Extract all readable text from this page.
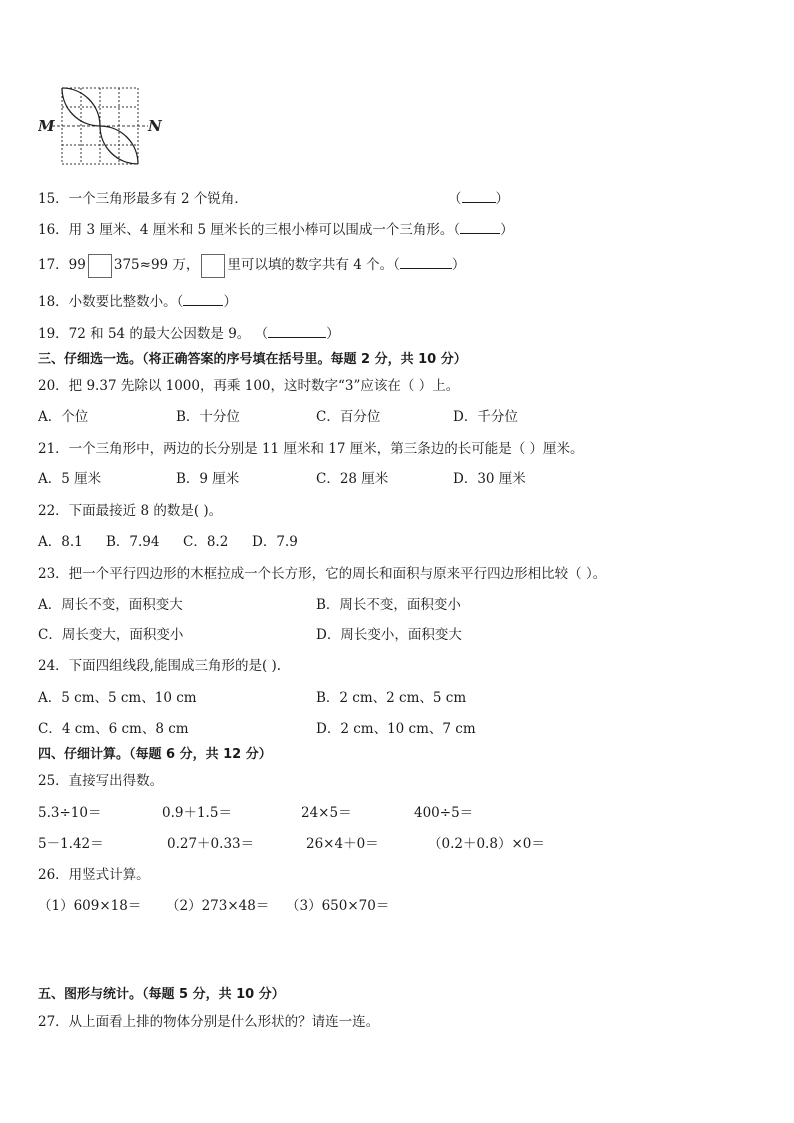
M	N
15．一个三角形最多有 2 个锐角．	（	）
16．用 3 厘米、4 厘米和 5 厘米长的三根小棒可以围成一个三角形。（	）
17．99 375≈99 万， 里可以填的数字共有 4 个。（	）
18．小数要比整数小。（	）
19．72 和 54 的最大公因数是 9。 （	）
三、仔细选一选。（将正确答案的序号填在括号里。每题 2 分，共 10 分）
20．把 9.37 先除以 1000，再乘 100，这时数字“3”应该在（ ）上。
A．个位	B．十分位	C．百分位	D．千分位
21．一个三角形中，两边的长分别是 11 厘米和 17 厘米，第三条边的长可能是（ ）厘米。
A．5 厘米	B．9 厘米	C．28 厘米	D．30 厘米
22．下面最接近 8 的数是( )。
A．8.1 B．7.94 C．8.2 D．7.9
23．把一个平行四边形的木框拉成一个长方形，它的周长和面积与原来平行四边形相比较（ ）。
A．周长不变，面积变大	B．周长不变，面积变小
C．周长变大，面积变小	D．周长变小，面积变大
24．下面四组线段,能围成三角形的是( ).
A．5 cm、5 cm、10 cm	B．2 cm、2 cm、5 cm
C．4 cm、6 cm、8 cm	D．2 cm、10 cm、7 cm
四、仔细计算。（每题 6 分，共 12 分）
25．直接写出得数。
5.3÷10＝	0.9＋1.5＝	24×5＝	400÷5＝
5－1.42＝	0.27＋0.33＝	26×4＋0＝	（0.2＋0.8）×0＝
26．用竖式计算。
（1）609×18＝ （2）273×48＝ （3）650×70＝
五、图形与统计。（每题 5 分，共 10 分）
27．从上面看上排的物体分别是什么形状的？请连一连。
